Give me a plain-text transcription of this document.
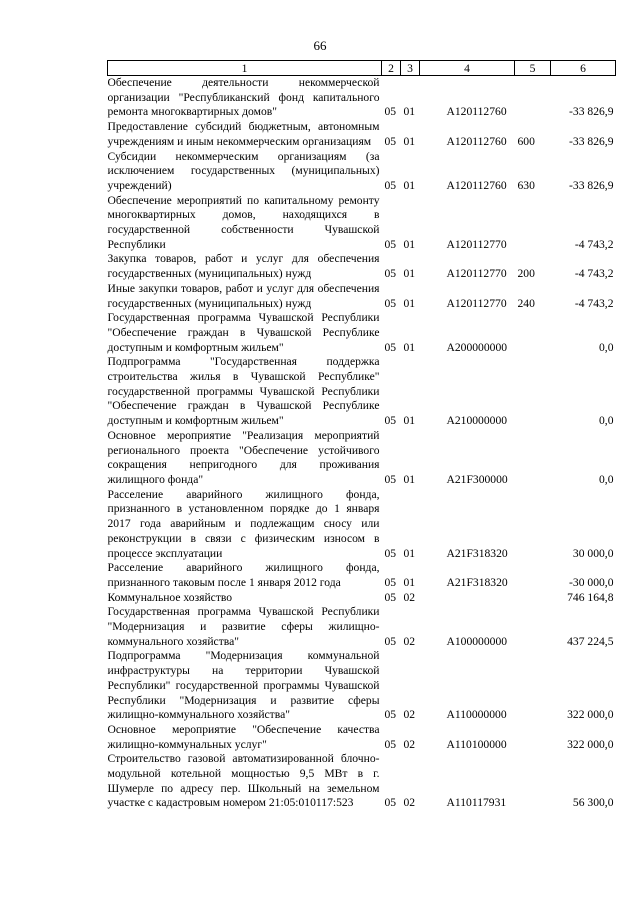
66
1	2	3	4	5	6
Обеспечение деятельности некоммерческой организации "Республиканский фонд капитального ремонта многоквартирных домов"	05	01	A120112760		-33 826,9
Предоставление субсидий бюджетным, автономным учреждениям и иным некоммерческим организациям	05	01	A120112760	600	-33 826,9
Субсидии некоммерческим организациям (за исключением государственных (муниципальных) учреждений)	05	01	A120112760	630	-33 826,9
Обеспечение мероприятий по капитальному ремонту многоквартирных домов, находящихся в государственной собственности Чувашской Республики	05	01	A120112770		-4 743,2
Закупка товаров, работ и услуг для обеспечения государственных (муниципальных) нужд	05	01	A120112770	200	-4 743,2
Иные закупки товаров, работ и услуг для обеспечения государственных (муниципальных) нужд	05	01	A120112770	240	-4 743,2
Государственная программа Чувашской Республики "Обеспечение граждан в Чувашской Республике доступным и комфортным жильем"	05	01	A200000000		0,0
Подпрограмма "Государственная поддержка строительства жилья в Чувашской Республике" государственной программы Чувашской Республики "Обеспечение граждан в Чувашской Республике доступным и комфортным жильем"	05	01	A210000000		0,0
Основное мероприятие "Реализация мероприятий регионального проекта "Обеспечение устойчивого сокращения непригодного для проживания жилищного фонда"	05	01	A21F300000		0,0
Расселение аварийного жилищного фонда, признанного в установленном порядке до 1 января 2017 года аварийным и подлежащим сносу или реконструкции в связи с физическим износом в процессе эксплуатации	05	01	A21F318320		30 000,0
Расселение аварийного жилищного фонда, признанного таковым после 1 января 2012 года	05	01	A21F318320		-30 000,0
Коммунальное хозяйство	05	02			746 164,8
Государственная программа Чувашской Республики "Модернизация и развитие сферы жилищно-коммунального хозяйства"	05	02	A100000000		437 224,5
Подпрограмма "Модернизация коммунальной инфраструктуры на территории Чувашской Республики" государственной программы Чувашской Республики "Модернизация и развитие сферы жилищно-коммунального хозяйства"	05	02	A110000000		322 000,0
Основное мероприятие "Обеспечение качества жилищно-коммунальных услуг"	05	02	A110100000		322 000,0
Строительство газовой автоматизированной блочно-модульной котельной мощностью 9,5 МВт в г. Шумерле по адресу пер. Школьный на земельном участке с кадастровым номером 21:05:010117:523	05	02	A110117931		56 300,0
